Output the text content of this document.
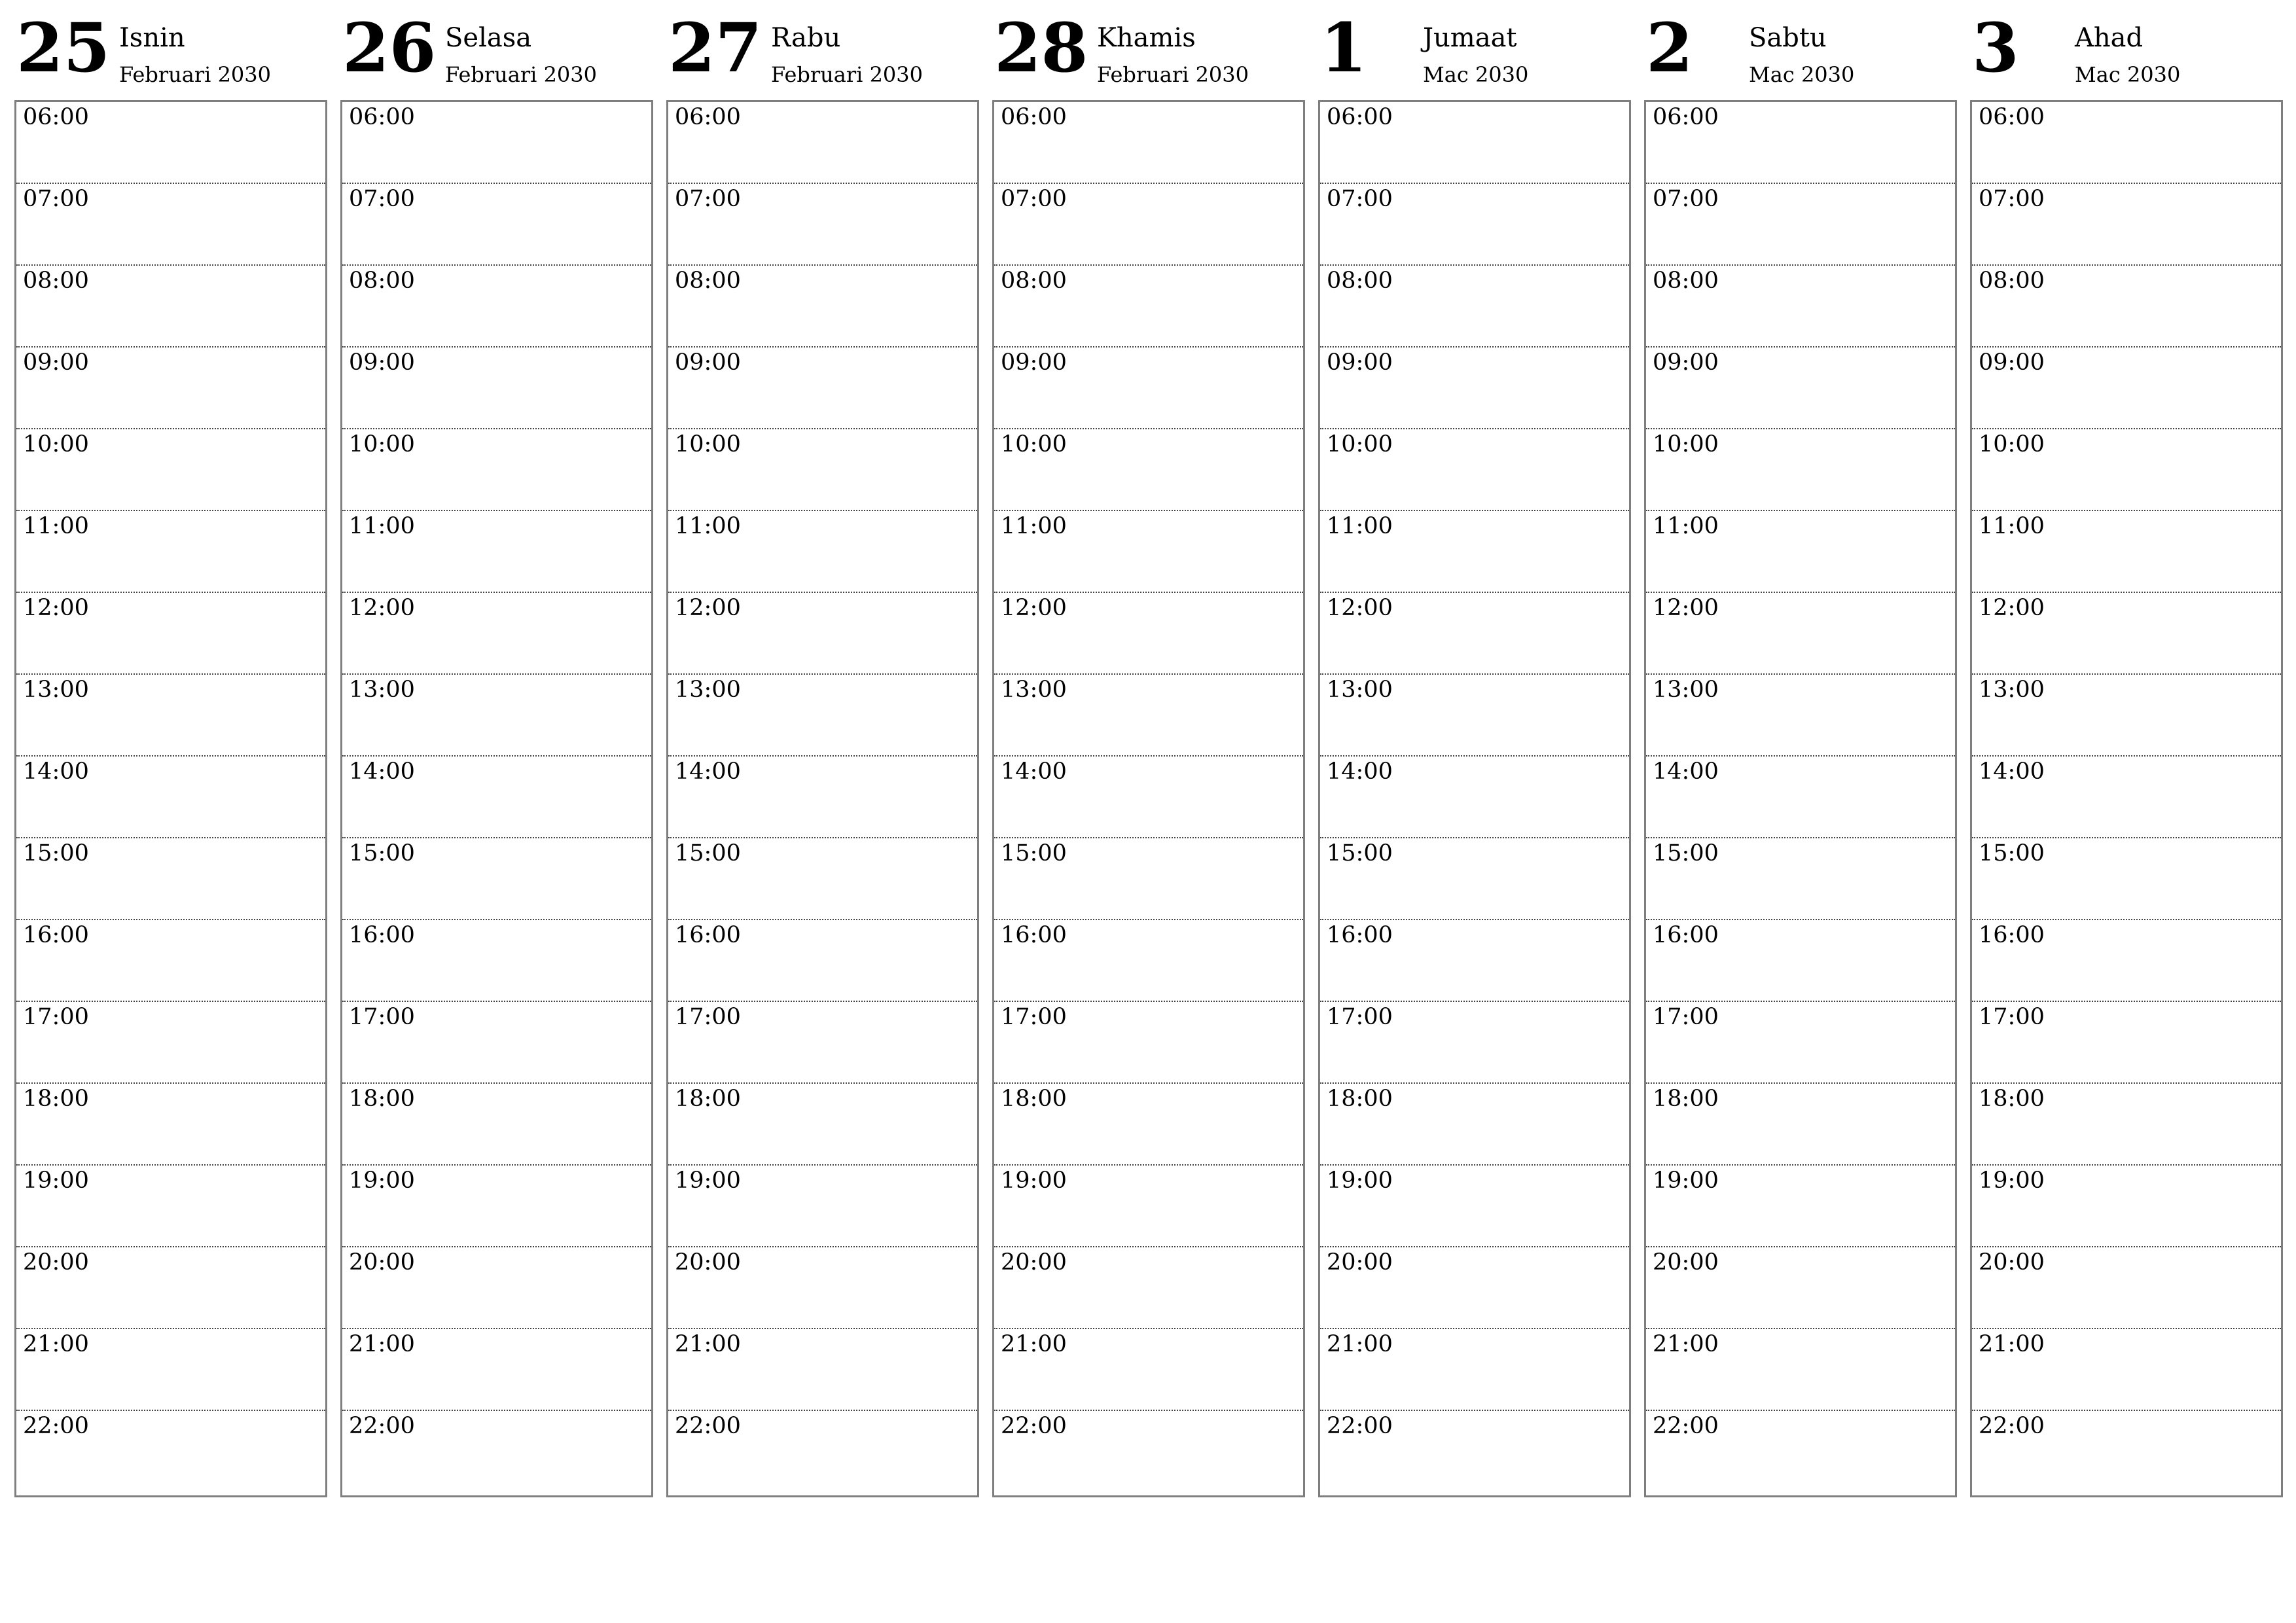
25 Isnin
Februari 2030
06:00
07:00
08:00
09:00
10:00
11:00
12:00
13:00
14:00
15:00
16:00
17:00
18:00
19:00
20:00
21:00
22:00
26 Selasa
Februari 2030
06:00
07:00
08:00
09:00
10:00
11:00
12:00
13:00
14:00
15:00
16:00
17:00
18:00
19:00
20:00
21:00
22:00
27 Rabu
Februari 2030
06:00
07:00
08:00
09:00
10:00
11:00
12:00
13:00
14:00
15:00
16:00
17:00
18:00
19:00
20:00
21:00
22:00
28 Khamis
Februari 2030
06:00
07:00
08:00
09:00
10:00
11:00
12:00
13:00
14:00
15:00
16:00
17:00
18:00
19:00
20:00
21:00
22:00
1 Jumaat
Mac 2030
06:00
07:00
08:00
09:00
10:00
11:00
12:00
13:00
14:00
15:00
16:00
17:00
18:00
19:00
20:00
21:00
22:00
2 Sabtu
Mac 2030
06:00
07:00
08:00
09:00
10:00
11:00
12:00
13:00
14:00
15:00
16:00
17:00
18:00
19:00
20:00
21:00
22:00
3 Ahad
Mac 2030
06:00
07:00
08:00
09:00
10:00
11:00
12:00
13:00
14:00
15:00
16:00
17:00
18:00
19:00
20:00
21:00
22:00
